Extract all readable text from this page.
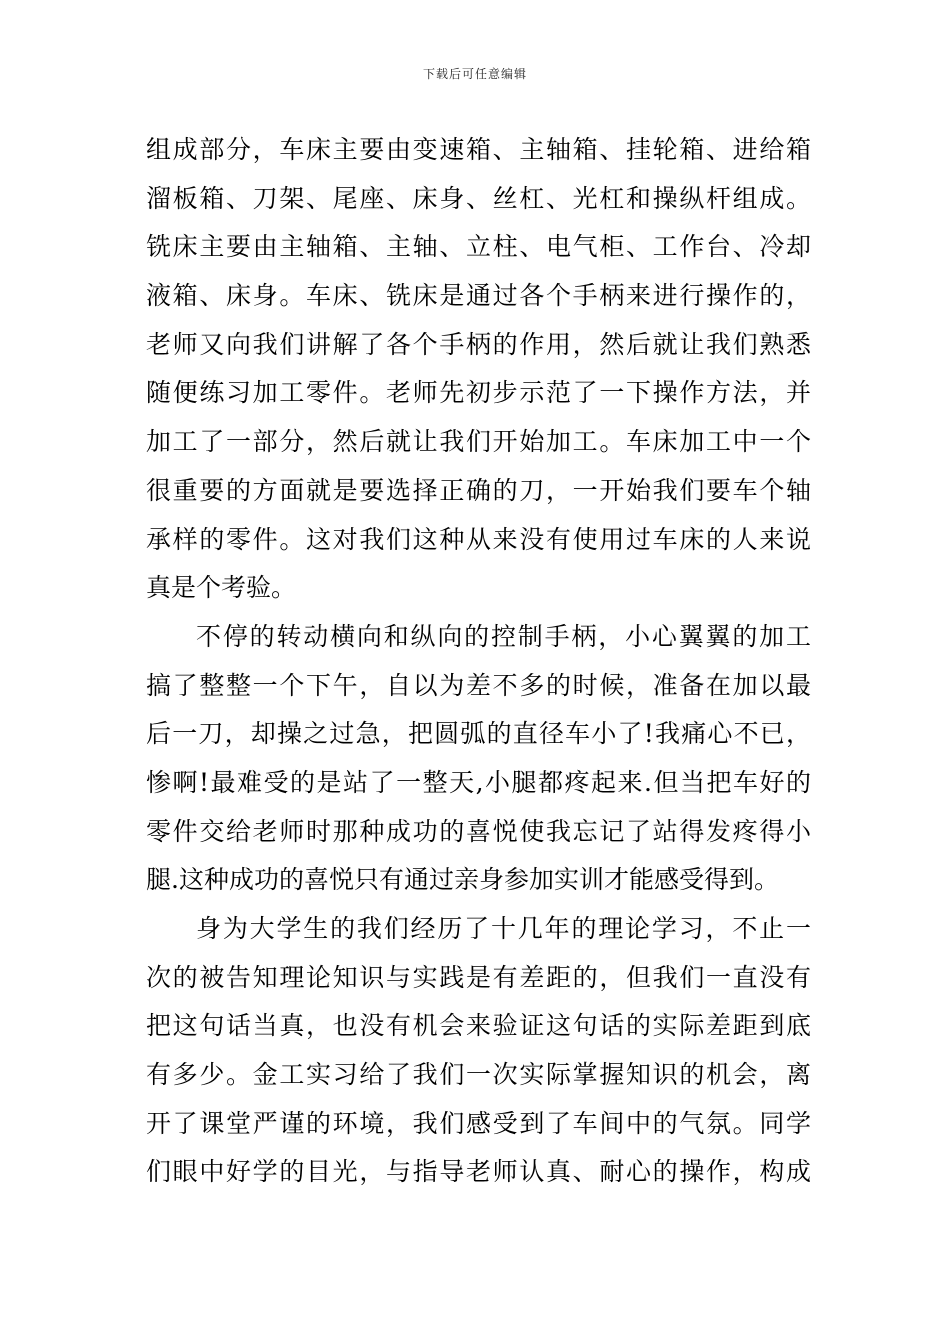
下载后可任意编辑
组成部分，车床主要由变速箱、主轴箱、挂轮箱、进给箱
溜板箱、刀架、尾座、床身、丝杠、光杠和操纵杆组成。
铣床主要由主轴箱、主轴、立柱、电气柜、工作台、冷却
液箱、床身。车床、铣床是通过各个手柄来进行操作的，
老师又向我们讲解了各个手柄的作用，然后就让我们熟悉
随便练习加工零件。老师先初步示范了一下操作方法，并
加工了一部分，然后就让我们开始加工。车床加工中一个
很重要的方面就是要选择正确的刀，一开始我们要车个轴
承样的零件。这对我们这种从来没有使用过车床的人来说
真是个考验。
不停的转动横向和纵向的控制手柄，小心翼翼的加工
搞了整整一个下午，自以为差不多的时候，准备在加以最
后一刀，却操之过急，把圆弧的直径车小了!我痛心不已，
惨啊!最难受的是站了一整天,小腿都疼起来.但当把车好的
零件交给老师时那种成功的喜悦使我忘记了站得发疼得小
腿.这种成功的喜悦只有通过亲身参加实训才能感受得到。
身为大学生的我们经历了十几年的理论学习，不止一
次的被告知理论知识与实践是有差距的，但我们一直没有
把这句话当真，也没有机会来验证这句话的实际差距到底
有多少。金工实习给了我们一次实际掌握知识的机会，离
开了课堂严谨的环境，我们感受到了车间中的气氛。同学
们眼中好学的目光，与指导老师认真、耐心的操作，构成
